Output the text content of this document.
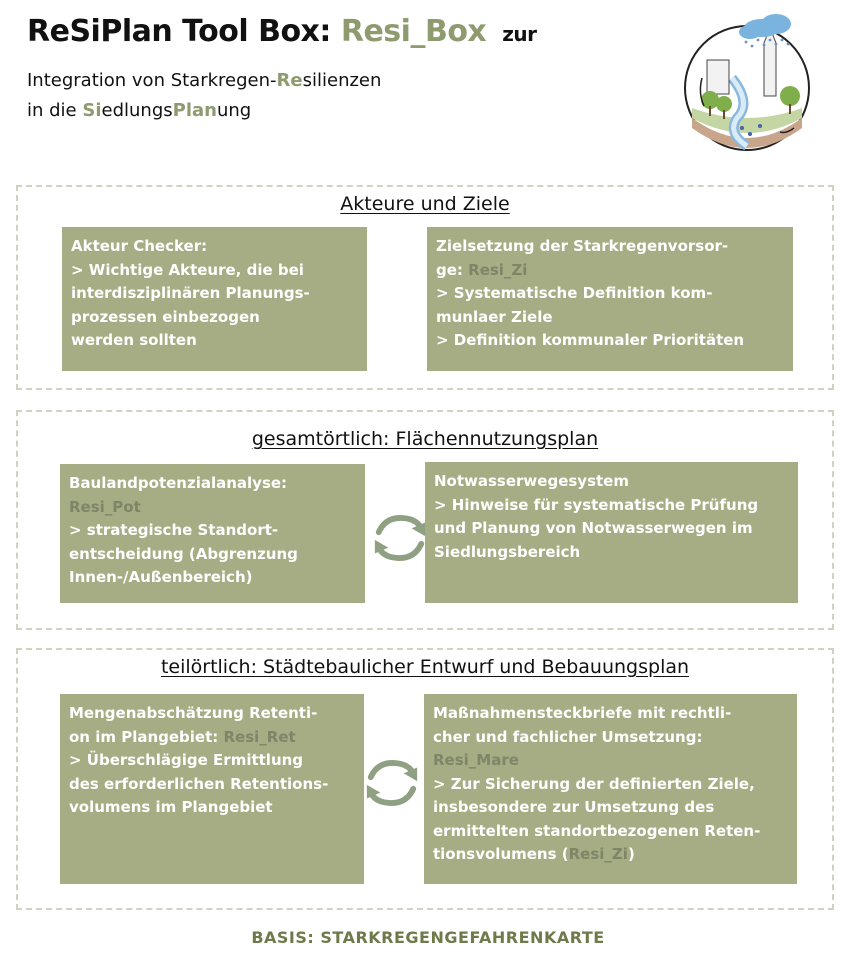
ReSiPlan Tool Box: Resi_Box zur
Integration von Starkregen-Resilienzen
in die SiedlungsPlanung
Akteure und Ziele

Akteur Checker:

> Wichtige Akteure, die bei

interdisziplinären Planungs-

prozessen einbezogen

werden sollten

Zielsetzung der Starkregenvorsor-

ge: Resi_Zi

> Systematische Definition kom-

munlaer Ziele

> Definition kommunaler Prioritäten

gesamtörtlich: Flächennutzungsplan

Baulandpotenzialanalyse:

Resi_Pot

> strategische Standort-

entscheidung (Abgrenzung

Innen-/Außenbereich)

Notwasserwegesystem

> Hinweise für systematische Prüfung

und Planung von Notwasserwegen im

Siedlungsbereich

teilörtlich: Städtebaulicher Entwurf und Bebauungsplan

Mengenabschätzung Retenti-

on im Plangebiet: Resi_Ret

> Überschlägige Ermittlung

des erforderlichen Retentions-

volumens im Plangebiet

Maßnahmensteckbriefe mit rechtli-

cher und fachlicher Umsetzung:

Resi_Mare

> Zur Sicherung der definierten Ziele,

insbesondere zur Umsetzung des

ermittelten standortbezogenen Reten-

tionsvolumens (Resi_Zi)

BASIS: STARKREGENGEFAHRENKARTE
